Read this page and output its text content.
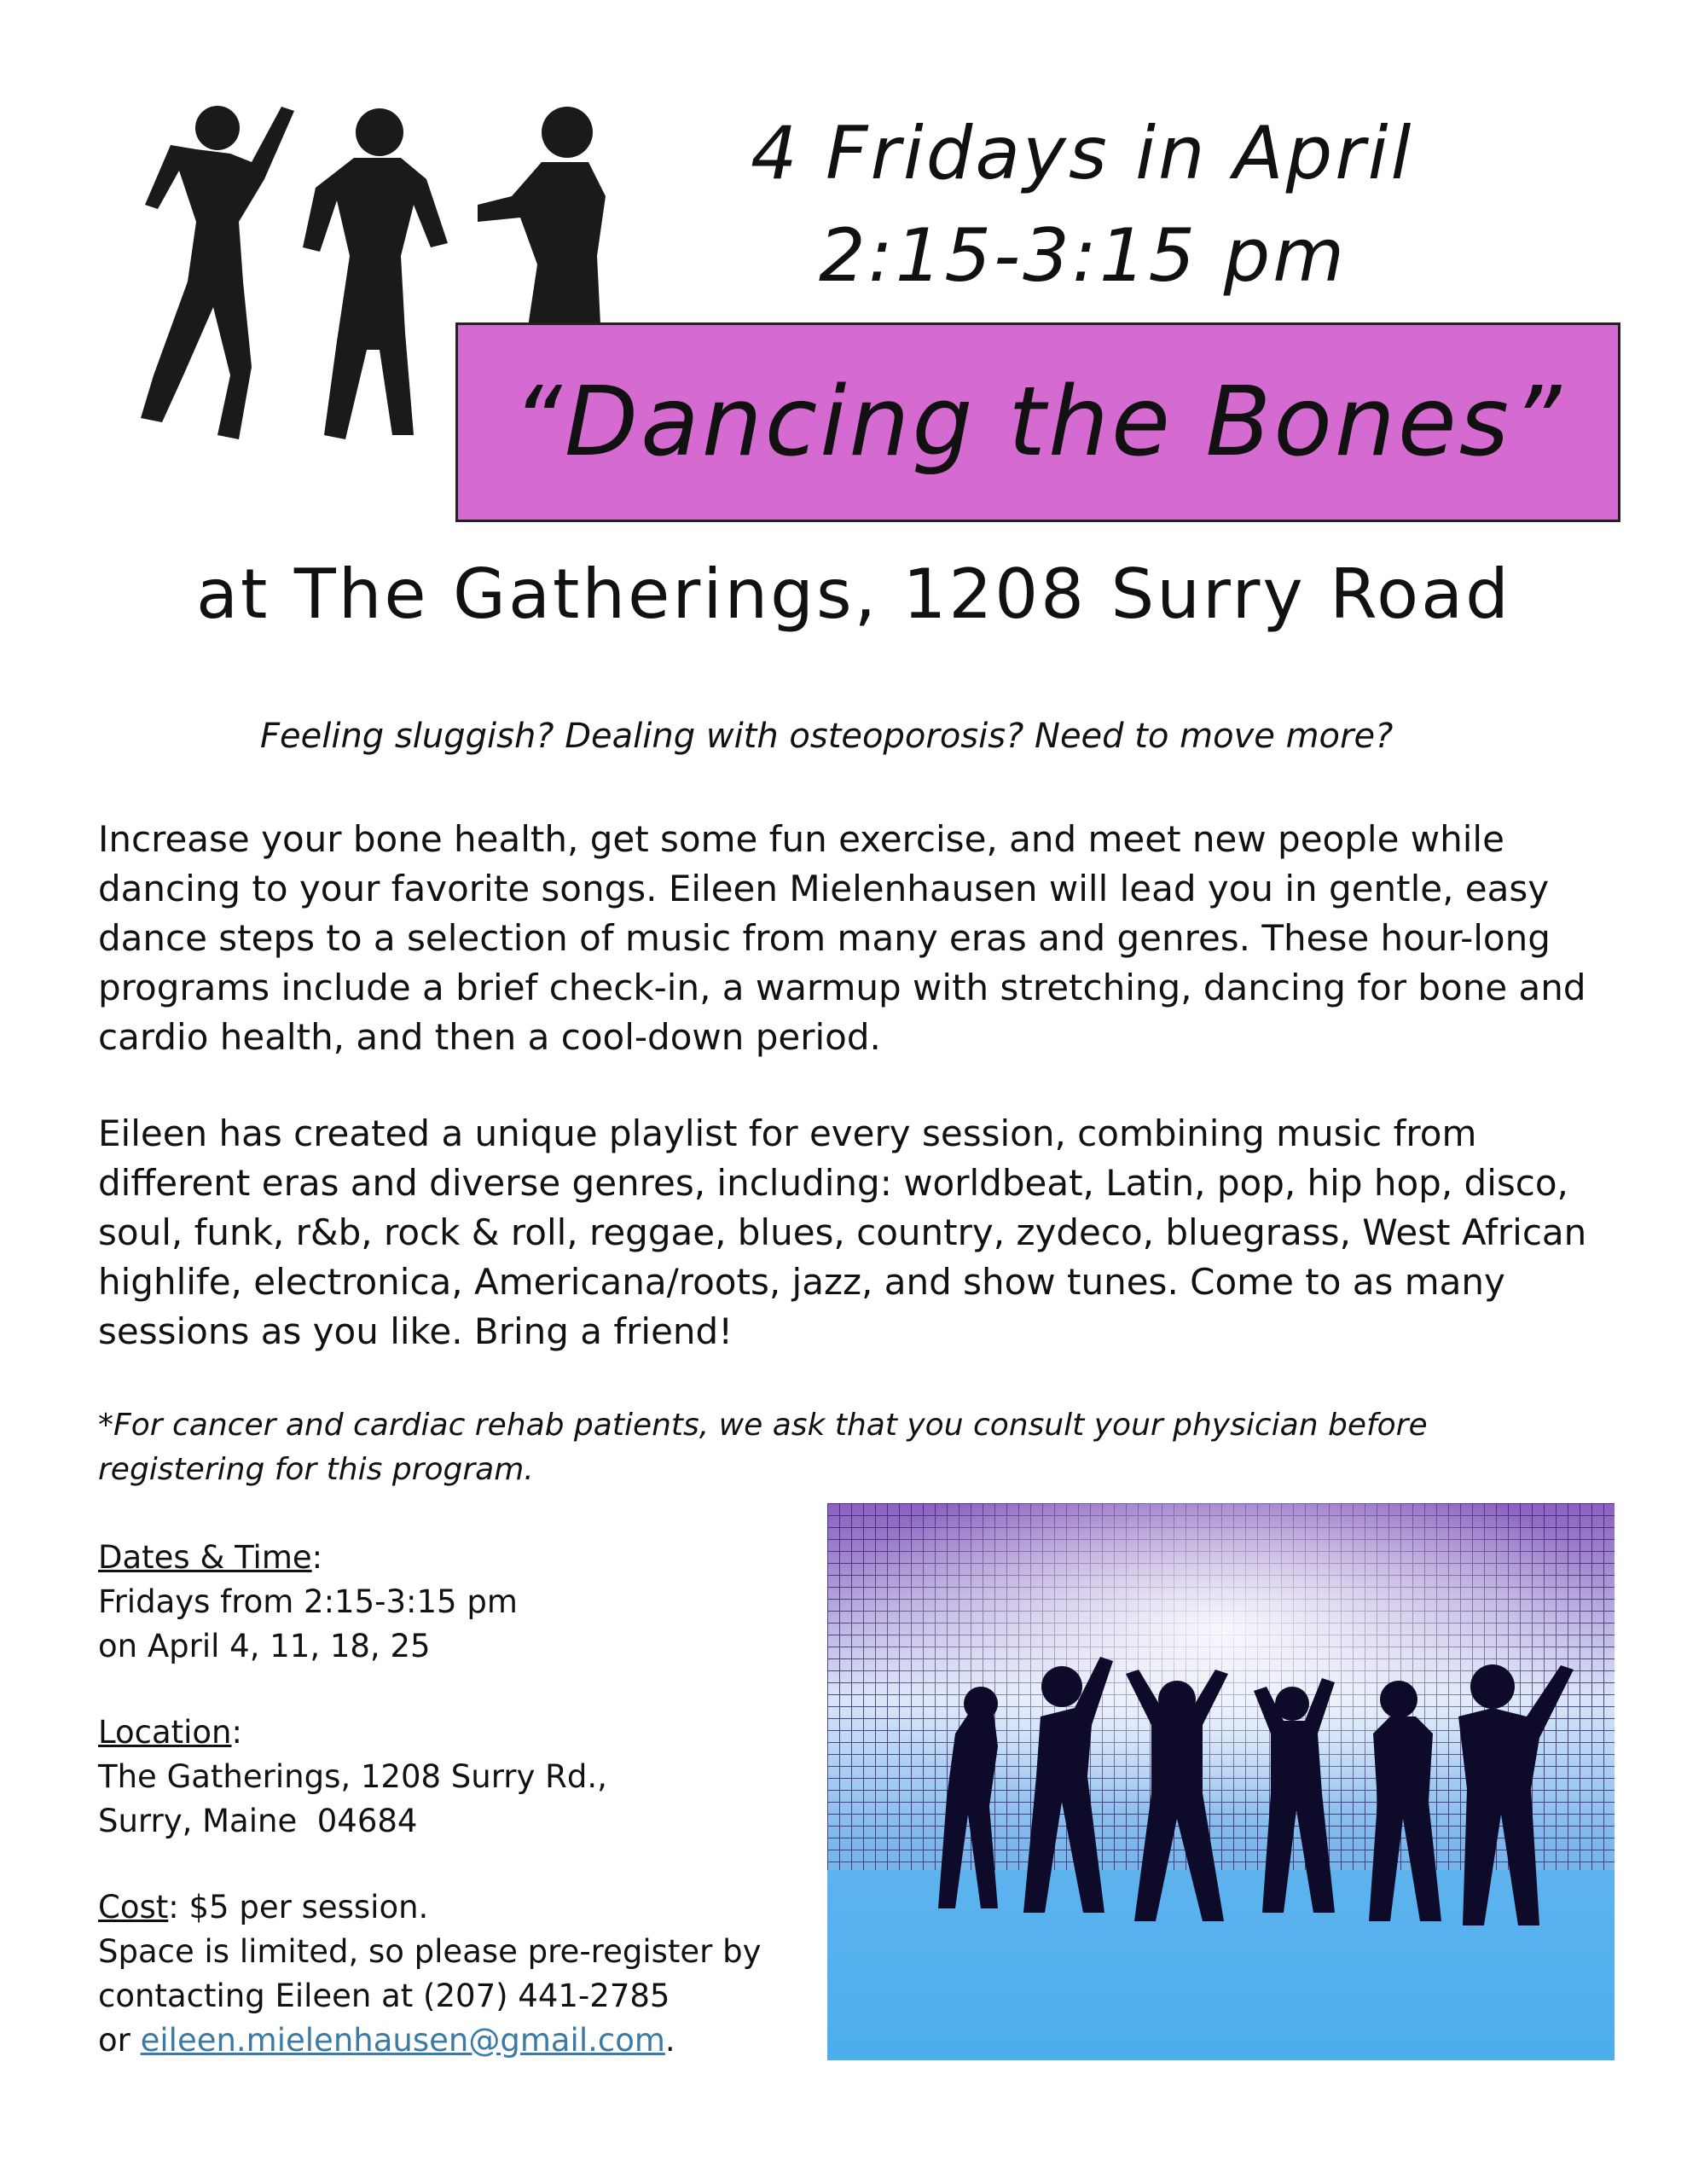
4 Fridays in April
2:15-3:15 pm
“Dancing the Bones”
at The Gatherings, 1208 Surry Road
Feeling sluggish? Dealing with osteoporosis? Need to move more?

Increase your bone health, get some fun exercise, and meet new people while dancing to your favorite songs. Eileen Mielenhausen will lead you in gentle, easy dance steps to a selection of music from many eras and genres. These hour-long programs include a brief check-in, a warmup with stretching, dancing for bone and cardio health, and then a cool-down period.

Eileen has created a unique playlist for every session, combining music from different eras and diverse genres, including: worldbeat, Latin, pop, hip hop, disco, soul, funk, r&b, rock & roll, reggae, blues, country, zydeco, bluegrass, West African highlife, electronica, Americana/roots, jazz, and show tunes. Come to as many sessions as you like. Bring a friend!

*For cancer and cardiac rehab patients, we ask that you consult your physician before registering for this program.

Dates & Time:
Fridays from 2:15-3:15 pm
on April 4, 11, 18, 25
Location:
The Gatherings, 1208 Surry Rd.,
Surry, Maine  04684
Cost: $5 per session.
Space is limited, so please pre-register by
contacting Eileen at (207) 441-2785
or eileen.mielenhausen@gmail.com.
